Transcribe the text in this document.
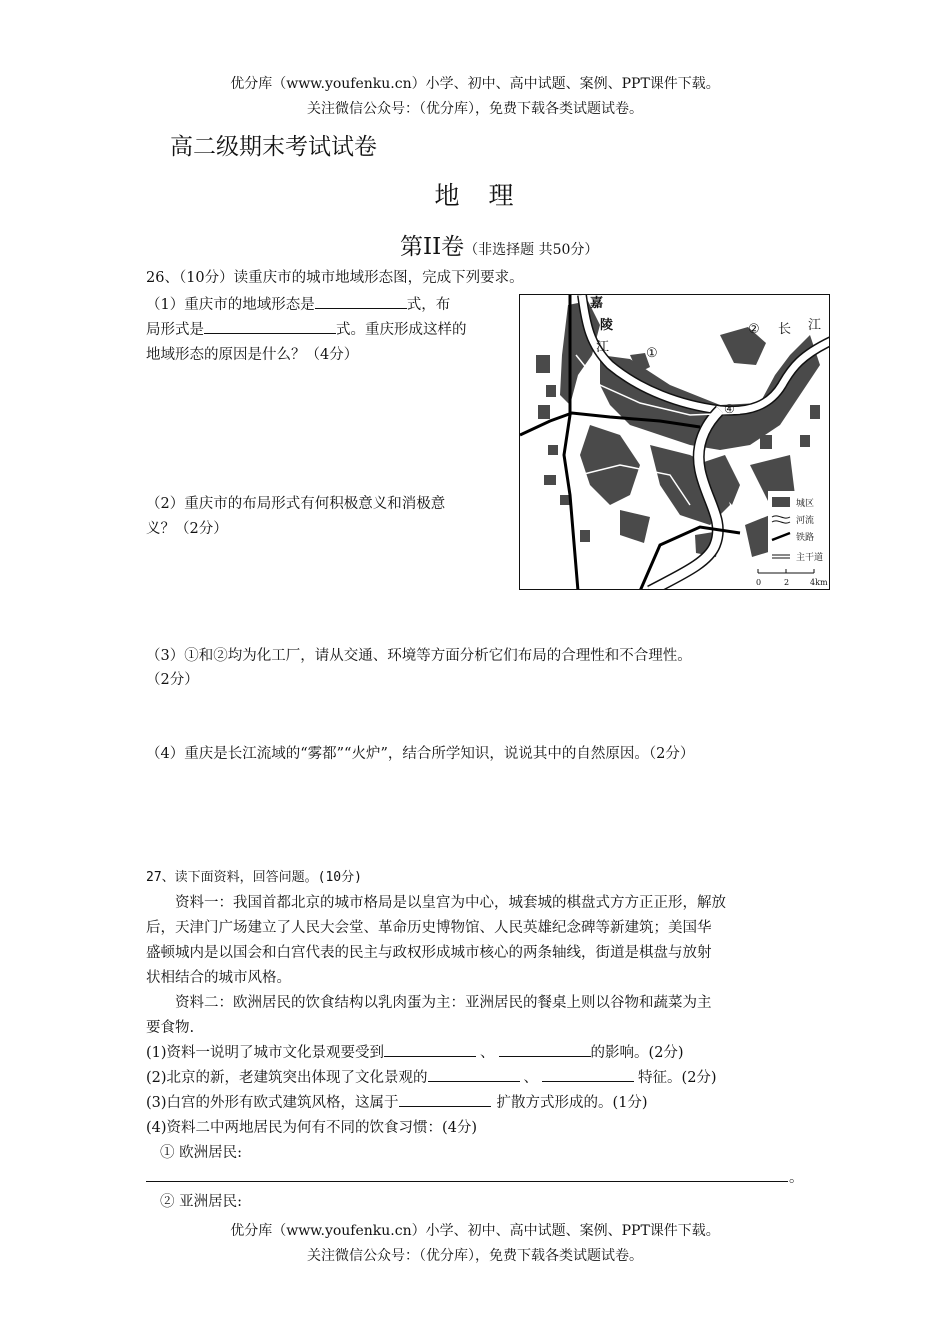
优分库（www.youfenku.cn）小学、初中、高中试题、案例、PPT课件下载。
关注微信公众号：（优分库），免费下载各类试题试卷。
高二级期末考试试卷
地　理
第II卷（非选择题 共50分）
26、（10分）读重庆市的城市地域形态图，完成下列要求。
（1）重庆市的地域形态是	式，布
局形式是	式。重庆形成这样的
地域形态的原因是什么？（4分）
（2）重庆市的布局形式有何积极意义和消极意
义？（2分）
（3）①和②均为化工厂，请从交通、环境等方面分析它们布局的合理性和不合理性。
（2分）
（4）重庆是长江流域的“雾都”“火炉”，结合所学知识，说说其中的自然原因。（2分）
嘉
陵
江
长 江
①
②
③
④
城区
河流
铁路
主干道
0	2	4km
27、读下面资料，回答问题。(10分)
　　资料一：我国首都北京的城市格局是以皇宫为中心，城套城的棋盘式方方正正形，解放
后，天津门广场建立了人民大会堂、革命历史博物馆、人民英雄纪念碑等新建筑；美国华
盛顿城内是以国会和白宫代表的民主与政权形成城市核心的两条轴线，街道是棋盘与放射
状相结合的城市风格。
　　资料二：欧洲居民的饮食结构以乳肉蛋为主：亚洲居民的餐桌上则以谷物和蔬菜为主
要食物.
(1)资料一说明了城市文化景观要受到	、	的影响。(2分)
(2)北京的新，老建筑突出体现了文化景观的	、	特征。(2分)
(3)白宫的外形有欧式建筑风格，这属于	扩散方式形成的。(1分)
(4)资料二中两地居民为何有不同的饮食习惯：(4分)
① 欧洲居民:
。
② 亚洲居民:
优分库（www.youfenku.cn）小学、初中、高中试题、案例、PPT课件下载。
关注微信公众号：（优分库），免费下载各类试题试卷。
